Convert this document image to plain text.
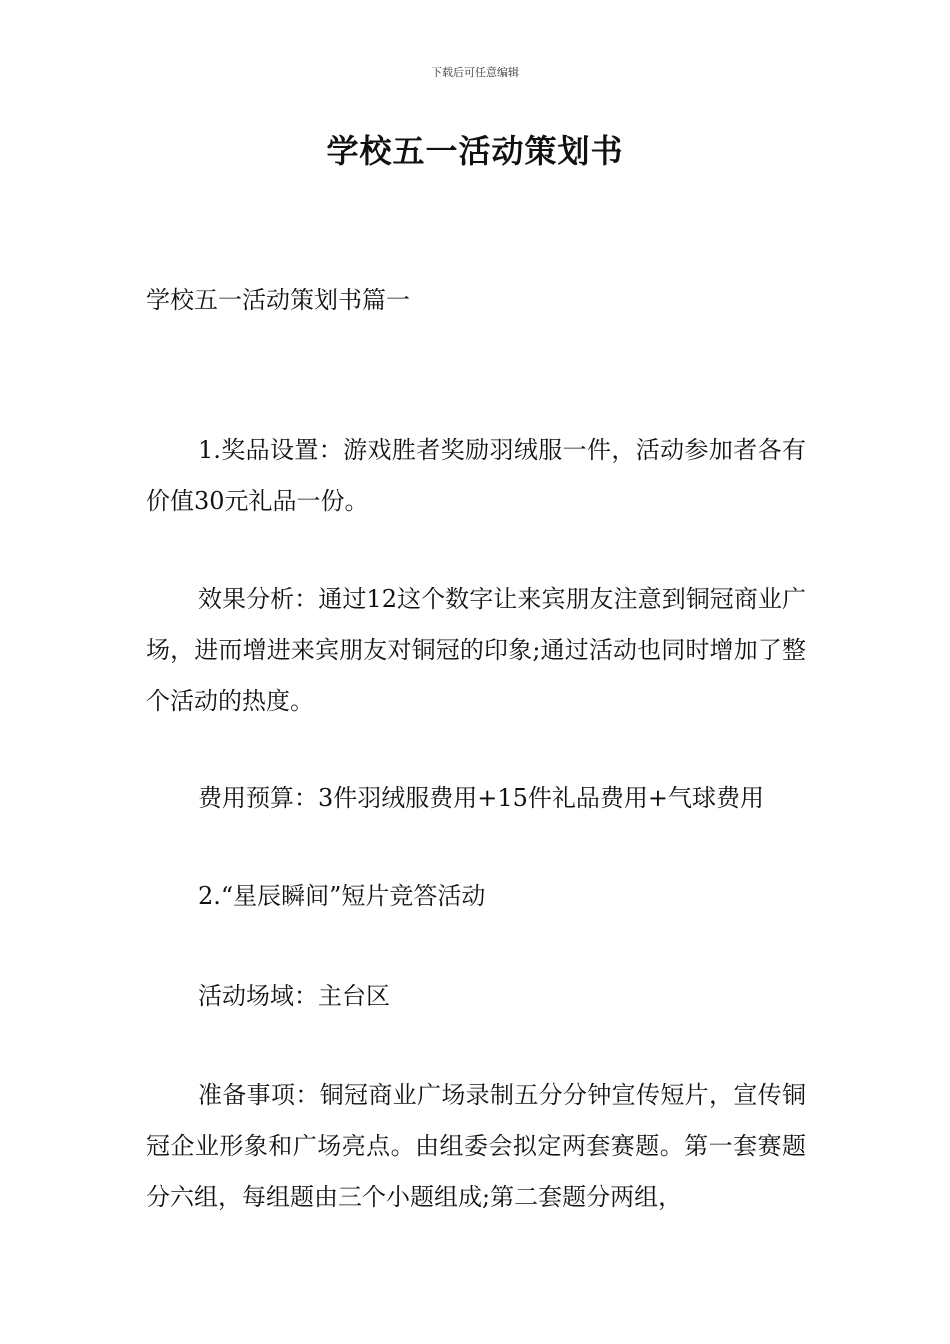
下载后可任意编辑
学校五一活动策划书
学校五一活动策划书篇一

1.奖品设置：游戏胜者奖励羽绒服一件，活动参加者各有价值30元礼品一份。

效果分析：通过12这个数字让来宾朋友注意到铜冠商业广场，进而增进来宾朋友对铜冠的印象;通过活动也同时增加了整个活动的热度。

费用预算：3件羽绒服费用+15件礼品费用+气球费用

2.“星辰瞬间”短片竞答活动

活动场域：主台区

准备事项：铜冠商业广场录制五分分钟宣传短片，宣传铜冠企业形象和广场亮点。由组委会拟定两套赛题。第一套赛题分六组，每组题由三个小题组成;第二套题分两组，
